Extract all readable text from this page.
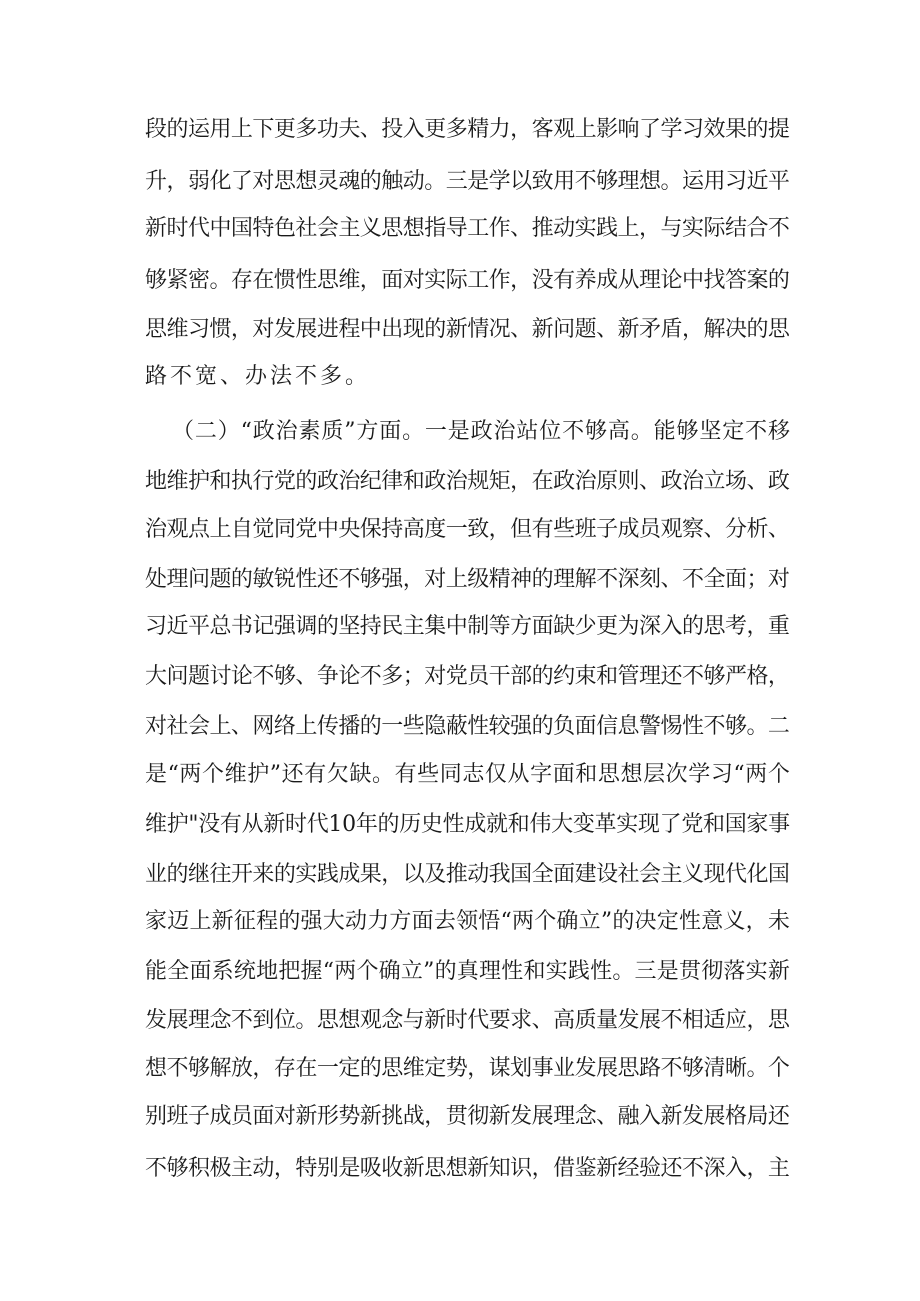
段的运用上下更多功夫、投入更多精力，客观上影响了学习效果的提
升，弱化了对思想灵魂的触动。三是学以致用不够理想。运用习近平
新时代中国特色社会主义思想指导工作、推动实践上，与实际结合不
够紧密。存在惯性思维，面对实际工作，没有养成从理论中找答案的
思维习惯，对发展进程中出现的新情况、新问题、新矛盾，解决的思
路不宽、办法不多。
（二）“政治素质”方面。一是政治站位不够高。能够坚定不移
地维护和执行党的政治纪律和政治规矩，在政治原则、政治立场、政
治观点上自觉同党中央保持高度一致，但有些班子成员观察、分析、
处理问题的敏锐性还不够强，对上级精神的理解不深刻、不全面；对
习近平总书记强调的坚持民主集中制等方面缺少更为深入的思考，重
大问题讨论不够、争论不多；对党员干部的约束和管理还不够严格，
对社会上、网络上传播的一些隐蔽性较强的负面信息警惕性不够。二
是“两个维护”还有欠缺。有些同志仅从字面和思想层次学习“两个
维护"没有从新时代10年的历史性成就和伟大变革实现了党和国家事
业的继往开来的实践成果，以及推动我国全面建设社会主义现代化国
家迈上新征程的强大动力方面去领悟“两个确立”的决定性意义，未
能全面系统地把握“两个确立”的真理性和实践性。三是贯彻落实新
发展理念不到位。思想观念与新时代要求、高质量发展不相适应，思
想不够解放，存在一定的思维定势，谋划事业发展思路不够清晰。个
别班子成员面对新形势新挑战，贯彻新发展理念、融入新发展格局还
不够积极主动，特别是吸收新思想新知识，借鉴新经验还不深入，主
